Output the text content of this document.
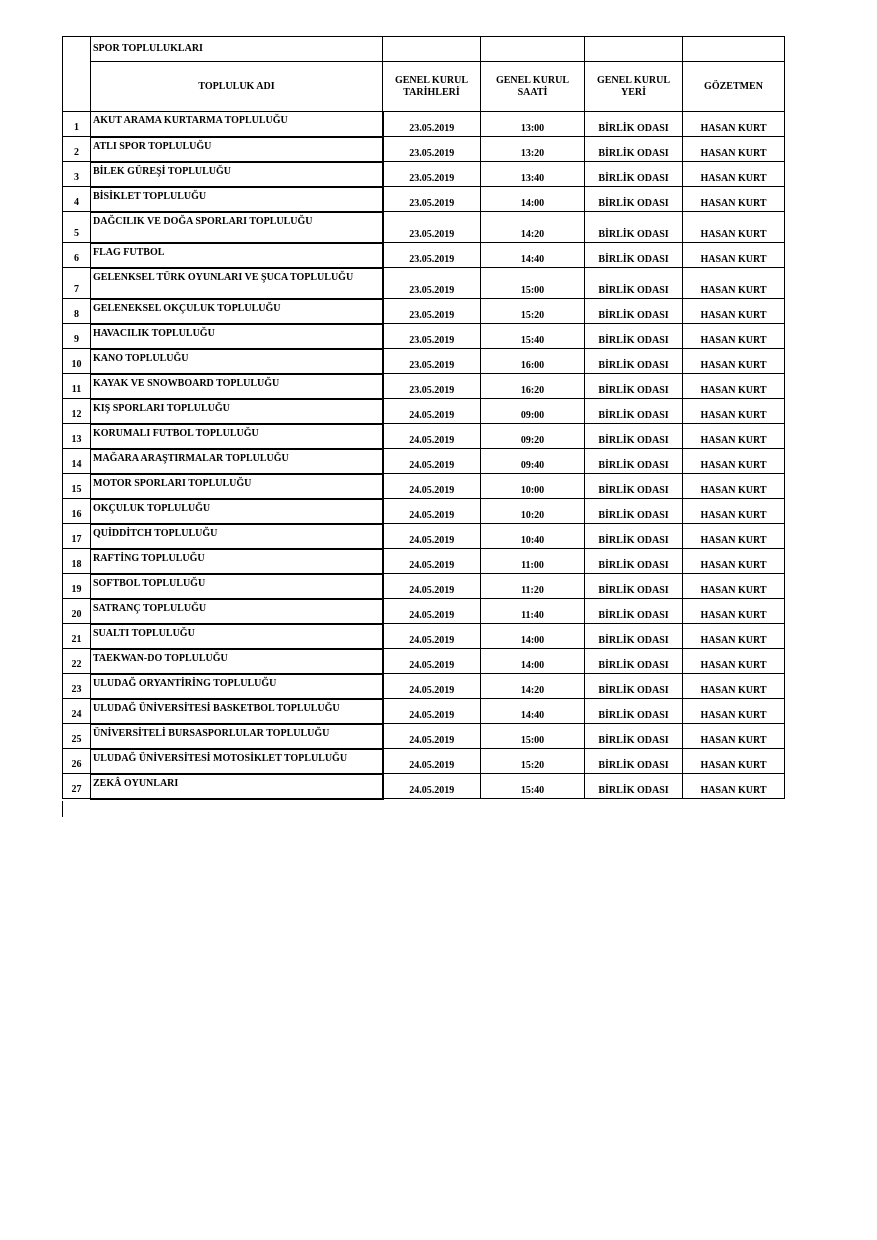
	SPOR TOPLULUKLARI				
	TOPLULUK ADI	GENEL KURUL TARİHLERİ	GENEL KURUL SAATİ	GENEL KURUL YERİ	GÖZETMEN
1	AKUT ARAMA KURTARMA TOPLULUĞU	23.05.2019	13:00	BİRLİK ODASI	HASAN KURT
2	ATLI SPOR TOPLULUĞU	23.05.2019	13:20	BİRLİK ODASI	HASAN KURT
3	BİLEK GÜREŞİ TOPLULUĞU	23.05.2019	13:40	BİRLİK ODASI	HASAN KURT
4	BİSİKLET TOPLULUĞU	23.05.2019	14:00	BİRLİK ODASI	HASAN KURT
5	DAĞCILIK VE DOĞA SPORLARI TOPLULUĞU	23.05.2019	14:20	BİRLİK ODASI	HASAN KURT
6	FLAG FUTBOL	23.05.2019	14:40	BİRLİK ODASI	HASAN KURT
7	GELENKSEL TÜRK OYUNLARI VE ŞUCA TOPLULUĞU	23.05.2019	15:00	BİRLİK ODASI	HASAN KURT
8	GELENEKSEL OKÇULUK TOPLULUĞU	23.05.2019	15:20	BİRLİK ODASI	HASAN KURT
9	HAVACILIK TOPLULUĞU	23.05.2019	15:40	BİRLİK ODASI	HASAN KURT
10	KANO TOPLULUĞU	23.05.2019	16:00	BİRLİK ODASI	HASAN KURT
11	KAYAK VE SNOWBOARD TOPLULUĞU	23.05.2019	16:20	BİRLİK ODASI	HASAN KURT
12	KIŞ SPORLARI TOPLULUĞU	24.05.2019	09:00	BİRLİK ODASI	HASAN KURT
13	KORUMALI FUTBOL TOPLULUĞU	24.05.2019	09:20	BİRLİK ODASI	HASAN KURT
14	MAĞARA ARAŞTIRMALAR TOPLULUĞU	24.05.2019	09:40	BİRLİK ODASI	HASAN KURT
15	MOTOR SPORLARI TOPLULUĞU	24.05.2019	10:00	BİRLİK ODASI	HASAN KURT
16	OKÇULUK TOPLULUĞU	24.05.2019	10:20	BİRLİK ODASI	HASAN KURT
17	QUİDDİTCH TOPLULUĞU	24.05.2019	10:40	BİRLİK ODASI	HASAN KURT
18	RAFTİNG TOPLULUĞU	24.05.2019	11:00	BİRLİK ODASI	HASAN KURT
19	SOFTBOL TOPLULUĞU	24.05.2019	11:20	BİRLİK ODASI	HASAN KURT
20	SATRANÇ TOPLULUĞU	24.05.2019	11:40	BİRLİK ODASI	HASAN KURT
21	SUALTI TOPLULUĞU	24.05.2019	14:00	BİRLİK ODASI	HASAN KURT
22	TAEKWAN-DO TOPLULUĞU	24.05.2019	14:00	BİRLİK ODASI	HASAN KURT
23	ULUDAĞ ORYANTİRİNG TOPLULUĞU	24.05.2019	14:20	BİRLİK ODASI	HASAN KURT
24	ULUDAĞ ÜNİVERSİTESİ BASKETBOL TOPLULUĞU	24.05.2019	14:40	BİRLİK ODASI	HASAN KURT
25	ÜNİVERSİTELİ BURSASPORLULAR TOPLULUĞU	24.05.2019	15:00	BİRLİK ODASI	HASAN KURT
26	ULUDAĞ ÜNİVERSİTESİ MOTOSİKLET TOPLULUĞU	24.05.2019	15:20	BİRLİK ODASI	HASAN KURT
27	ZEKÂ OYUNLARI	24.05.2019	15:40	BİRLİK ODASI	HASAN KURT
